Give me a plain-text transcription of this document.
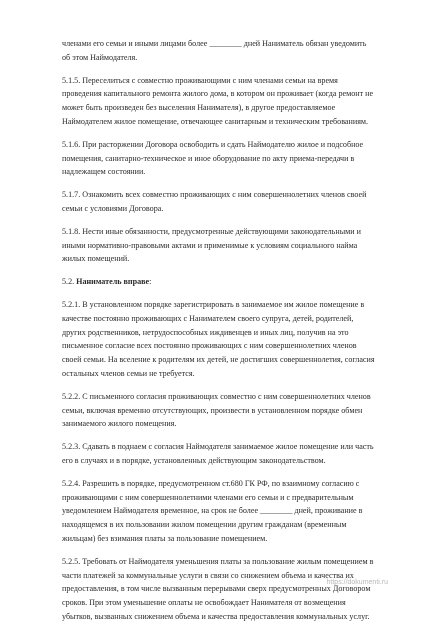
членами его семьи и иными лицами более ________ дней Наниматель обязан уведомить
об этом Наймодателя.

5.1.5. Переселиться с совместно проживающими с ним членами семьи на время
проведения капитального ремонта жилого дома, в котором он проживает (когда ремонт не
может быть произведен без выселения Нанимателя), в другое предоставляемое
Наймодателем жилое помещение, отвечающее санитарным и техническим требованиям.

5.1.6. При расторжении Договора освободить и сдать Наймодателю жилое и подсобное
помещения, санитарно-техническое и иное оборудование по акту приема-передачи в
надлежащем состоянии.

5.1.7. Ознакомить всех совместно проживающих с ним совершеннолетних членов своей
семьи с условиями Договора.

5.1.8. Нести иные обязанности, предусмотренные действующими законодательными и
иными нормативно-правовыми актами и применимые к условиям социального найма
жилых помещений.

5.2. Наниматель вправе:

5.2.1. В установленном порядке зарегистрировать в занимаемое им жилое помещение в
качестве постоянно проживающих с Нанимателем своего супруга, детей, родителей,
других родственников, нетрудоспособных иждивенцев и иных лиц, получив на это
письменное согласие всех постоянно проживающих с ним совершеннолетних членов
своей семьи. На вселение к родителям их детей, не достигших совершеннолетия, согласия
остальных членов семьи не требуется.

5.2.2. С письменного согласия проживающих совместно с ним совершеннолетних членов
семьи, включая временно отсутствующих, произвести в установленном порядке обмен
занимаемого жилого помещения.

5.2.3. Сдавать в поднаем с согласия Наймодателя занимаемое жилое помещение или часть
его в случаях и в порядке, установленных действующим законодательством.

5.2.4. Разрешить в порядке, предусмотренном ст.680 ГК РФ, по взаимному согласию с
проживающими с ним совершеннолетними членами его семьи и с предварительным
уведомлением Наймодателя временное, на срок не более ________ дней, проживание в
находящемся в их пользовании жилом помещении другим гражданам (временным
жильцам) без взимания платы за пользование помещением.

5.2.5. Требовать от Наймодателя уменьшения платы за пользование жилым помещением в
части платежей за коммунальные услуги в связи со снижением объема и качества их
предоставления, в том числе вызванным перерывами сверх предусмотренных Договором
сроков. При этом уменьшение оплаты не освобождает Нанимателя от возмещения
убытков, вызванных снижением объема и качества предоставления коммунальных услуг.

https://dokumenti.ru
